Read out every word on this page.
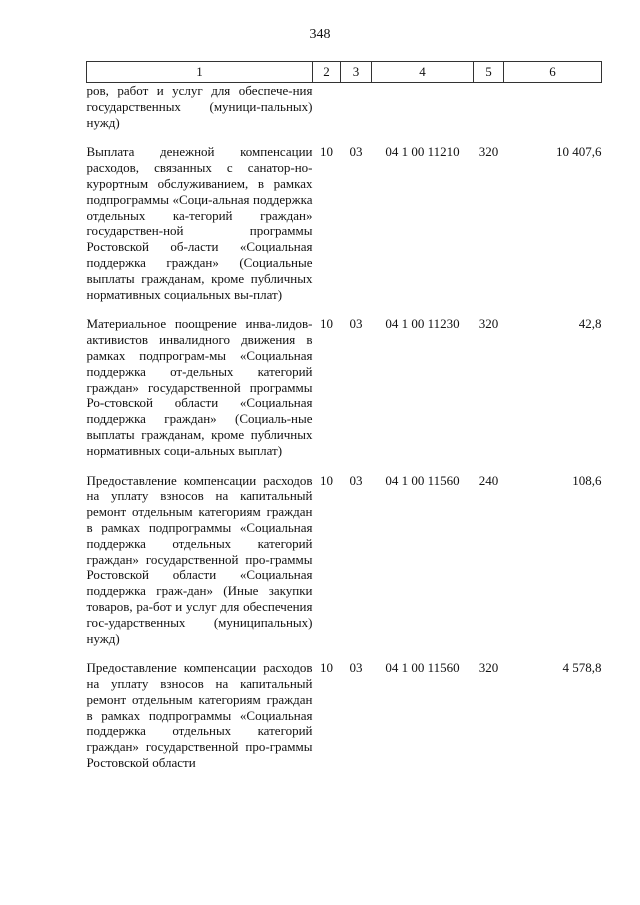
348
1	2	3	4	5	6
ров, работ и услуг для обеспече-ния государственных (муници-пальных) нужд)					
Выплата денежной компенсации расходов, связанных с санатор-но-курортным обслуживанием, в рамках подпрограммы «Соци-альная поддержка отдельных ка-тегорий граждан» государствен-ной программы Ростовской об-ласти «Социальная поддержка граждан» (Социальные выплаты гражданам, кроме публичных нормативных социальных вы-плат)	10	03	04 1 00 11210	320	10 407,6
Материальное поощрение инва-лидов-активистов инвалидного движения в рамках подпрограм-мы «Социальная поддержка от-дельных категорий граждан» государственной программы Ро-стовской области «Социальная поддержка граждан» (Социаль-ные выплаты гражданам, кроме публичных нормативных соци-альных выплат)	10	03	04 1 00 11230	320	42,8
Предоставление компенсации расходов на уплату взносов на капитальный ремонт отдельным категориям граждан в рамках подпрограммы «Социальная поддержка отдельных категорий граждан» государственной про-граммы Ростовской области «Социальная поддержка граж-дан» (Иные закупки товаров, ра-бот и услуг для обеспечения гос-ударственных (муниципальных) нужд)	10	03	04 1 00 11560	240	108,6
Предоставление компенсации расходов на уплату взносов на капитальный ремонт отдельным категориям граждан в рамках подпрограммы «Социальная поддержка отдельных категорий граждан» государственной про-граммы Ростовской области	10	03	04 1 00 11560	320	4 578,8
